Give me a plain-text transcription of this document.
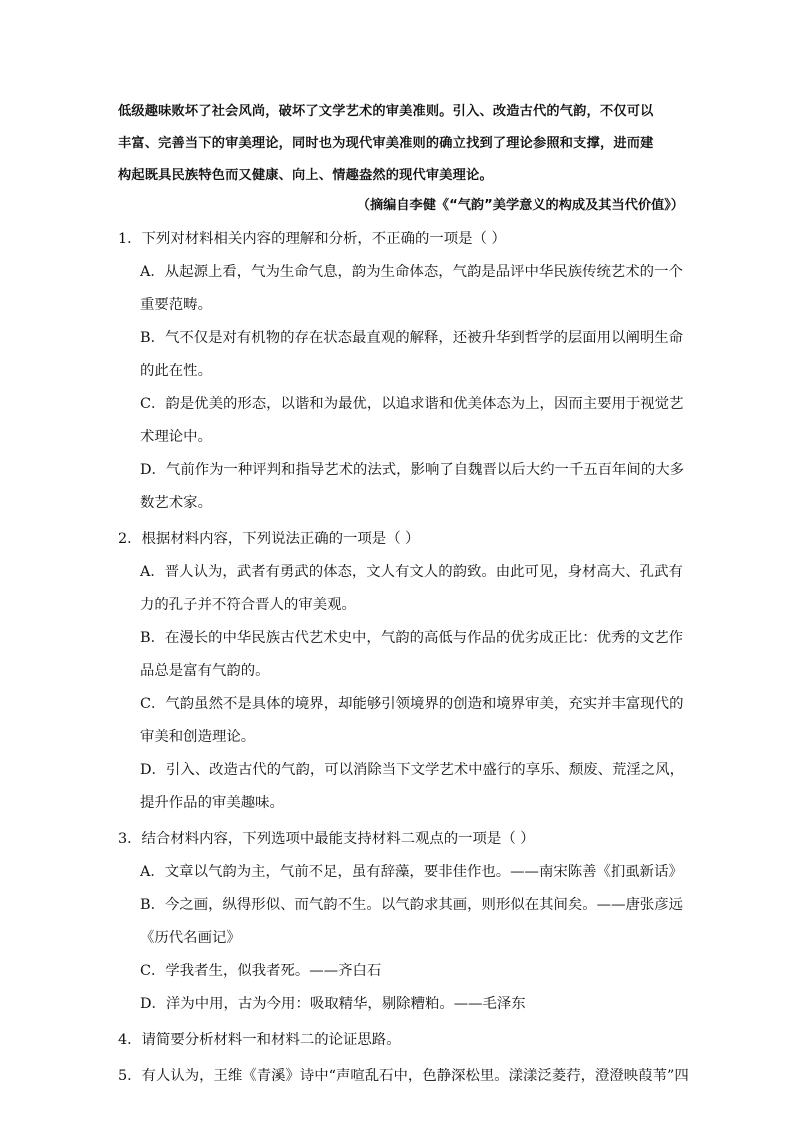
低级趣味败坏了社会风尚，破坏了文学艺术的审美准则。引入、改造古代的气韵，不仅可以
丰富、完善当下的审美理论，同时也为现代审美准则的确立找到了理论参照和支撑，进而建
构起既具民族特色而又健康、向上、情趣盎然的现代审美理论。
（摘编自李健《“气韵”美学意义的构成及其当代价值》）
1．下列对材料相关内容的理解和分析，不正确的一项是（ ）
A．从起源上看，气为生命气息，韵为生命体态，气韵是品评中华民族传统艺术的一个
重要范畴。
B．气不仅是对有机物的存在状态最直观的解释，还被升华到哲学的层面用以阐明生命
的此在性。
C．韵是优美的形态，以谐和为最优，以追求谐和优美体态为上，因而主要用于视觉艺
术理论中。
D．气前作为一种评判和指导艺术的法式，影响了自魏晋以后大约一千五百年间的大多
数艺术家。
2．根据材料内容，下列说法正确的一项是（ ）
A．晋人认为，武者有勇武的体态，文人有文人的韵致。由此可见，身材高大、孔武有
力的孔子并不符合晋人的审美观。
B．在漫长的中华民族古代艺术史中，气韵的高低与作品的优劣成正比：优秀的文艺作
品总是富有气韵的。
C．气韵虽然不是具体的境界，却能够引领境界的创造和境界审美，充实并丰富现代的
审美和创造理论。
D．引入、改造古代的气韵，可以消除当下文学艺术中盛行的享乐、颓废、荒淫之风，
提升作品的审美趣味。
3．结合材料内容，下列选项中最能支持材料二观点的一项是（ ）
A．文章以气韵为主，气前不足，虽有辞藻，要非佳作也。——南宋陈善《扪虱新话》
B．今之画，纵得形似、而气韵不生。以气韵求其画，则形似在其间矣。——唐张彦远
《历代名画记》
C．学我者生，似我者死。——齐白石
D．洋为中用，古为今用：吸取精华，剔除糟粕。——毛泽东
4．请简要分析材料一和材料二的论证思路。
5．有人认为，王维《青溪》诗中“声喧乱石中，色静深松里。漾漾泛菱荇，澄澄映葭苇”四
